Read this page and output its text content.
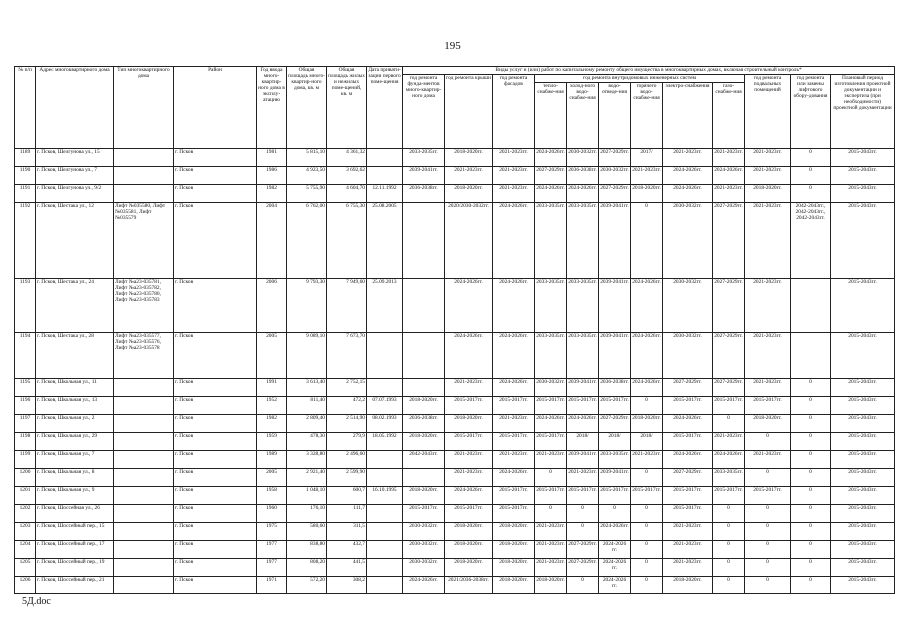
195
№ п/п	Адрес многоквартирного дома	Тип многоквартирного дома	Район	Год ввода много-квартир-ного дома в эксплу-атацию	Общая площадь много-квартир-ного дома, кв. м	Общая площадь жилых и нежилых поме-щений, кв. м	Дата привати-зации первого поме-щения	Виды услуг и (или) работ по капитальному ремонту общего имущества в многоквартирных домах, включая строительный контроль*											
								год ремонта фунда-ментов много-квартир-ного дома	год ремонта крыши	год ремонта фасадов	год ремонта внутридомовых инженерных систем						год ремонта подвальных помещений	год ремонта или замены лифтового обору-дования	Плановый период изготовления проектной документации и экспертиза (при необходимости) проектной документации
											тепло-снабже-ния	холод-ного водо-снабже-ния	водо-отведе-ния	горячего водо-снабже-ния	электро-снабжения	газо-снабже-ния			
1189	г. Псков, Шелгунова ул., 15		г. Псков	1981	5 815,10	4 361,32		2033-2035гг.	2018-2020гг.	2021-2023гг.	2024-2026гг.	2030-2032гг.	2027-2029гг.	2017/	2021-2023гг.	2021-2023гг.	2021-2023гг.	0	2015-2043гг.
1190	г. Псков, Шелгунова ул., 7		г. Псков	1986	4 923,50	3 692,62		2039-2041гг.	2021-2023гг.	2021-2023гг.	2027-2029гг.	2036-2038гг.	2030-2032гг.	2021-2023гг.	2024-2026гг.	2024-2026гг.	2021-2023гг.	0	2015-2043гг.
1191	г. Псков, Шелгунова ул., 9/2		г. Псков	1982	5 755,90	4 604,70	12.11.1992	2036-2038гг.	2018-2020гг.	2021-2023гг.	2024-2026гг.	2024-2026гг.	2027-2029гг.	2018-2020гг.	2024-2026гг.	2021-2023гг.	2018-2020гг.	0	2015-2043гг.
1192	г. Псков, Шестака ул., 12	Лифт №035580, Лифт №035581, Лифт №035579	г. Псков	2004	6 762,00	6 755,30	25.08.2005		2020/2030-2032гг.	2024-2026гг.	2033-2035гг.	2033-2035гг.	2039-2041гг.	0	2030-2032гг.	2027-2029гг.	2021-2023гг.	2042-2043гг., 2042-2043гг., 2042-2043гг.	2015-2043гг.
1193	г. Псков, Шестака ул., 24	Лифт №а23-035781, Лифт №а23-035782, Лифт №а23-035780, Лифт №а23-035783	г. Псков	2006	9 793,30	7 949,60	25.09.2013		2024-2026гг.	2024-2026гг.	2033-2035гг.	2033-2035гг.	2039-2041гг.	2024-2026гг.	2030-2032гг.	2027-2029гг.	2021-2023гг.		2015-2043гг.
1194	г. Псков, Шестака ул., 28	Лифт №а23-035577, Лифт №а23-035576, Лифт №а23-035578	г. Псков	2005	9 089,10	7 673,70			2024-2026гг.	2024-2026гг.	2033-2035гг.	2033-2035гг.	2039-2041гг.	2024-2026гг.	2030-2032гг.	2027-2029гг.	2021-2023гг.		2015-2043гг.
1195	г. Псков, Школьная ул., 11		г. Псков	1991	3 613,40	2 752,15			2021-2023гг.	2024-2026гг.	2030-2032гг.	2039-2041гг.	2036-2038гг.	2024-2026гг.	2027-2029гг.	2027-2029гг.	2021-2023гг.	0	2015-2043гг.
1196	г. Псков, Школьная ул., 13		г. Псков	1952	811,40	472,2	07.07.1993	2018-2020гг.	2015-2017гг.	2015-2017гг.	2015-2017гг.	2015-2017гг.	2015-2017гг.	0	2015-2017гг.	2015-2017гг.	2015-2017гг.	0	2015-2043гг.
1197	г. Псков, Школьная ул., 2		г. Псков	1982	2 809,40	2 514,90	08.02.1993	2036-2038гг.	2018-2020гг.	2021-2023гг.	2024-2026гг.	2024-2026гг.	2027-2029гг.	2018-2020гг.	2024-2026гг.	0	2018-2020гг.	0	2015-2043гг.
1198	г. Псков, Школьная ул., 29		г. Псков	1959	478,30	279,9	18.05.1992	2018-2020гг.	2015-2017гг.	2015-2017гг.	2015-2017гг.	2018/	2018/	2018/	2015-2017гг.	2021-2023гг.	0	0	2015-2043гг.
1199	г. Псков, Школьная ул., 7		г. Псков	1989	3 328,80	2 496,60		2042-2043гг.	2021-2023гг.	2021-2023гг.	2021-2023гг.	2039-2041гг.	2033-2035гг.	2021-2023гг.	2024-2026гг.	2024-2026гг.	2021-2023гг.	0	2015-2043гг.
1200	г. Псков, Школьная ул., 8		г. Псков	2005	2 921,40	2 599,90			2021-2023гг.	2024-2026гг.	0	2021-2023гг.	2039-2041гг.	0	2027-2029гг.	2033-2035гг.	0	0	2015-2043гг.
1201	г. Псков, Школьная ул., 9		г. Псков	1958	1 048,10	600,7	16.10.1995	2018-2020гг.	2024-2026гг.	2015-2017гг.	2015-2017гг.	2015-2017гг.	2015-2017гг.	2015-2017гг.	2015-2017гг.	2015-2017гг.	2015-2017гг.	0	2015-2043гг.
1202	г. Псков, Шоссейная ул., 26		г. Псков	1960	176,10	111,7		2015-2017гг.	2015-2017гг.	2015-2017гг.	0	0	0	0	2015-2017гг.	0	0	0	2015-2043гг.
1203	г. Псков, Шоссейный пер., 15		г. Псков	1975	580,60	311,5		2030-2032гг.	2018-2020гг.	2018-2020гг.	2021-2023гг.	0	2024-2026гг.	0	2021-2023гг.	0	0	0	2015-2043гг.
1204	г. Псков, Шоссейный пер., 17		г. Псков	1977	838,80	432,7		2030-2032гг.	2018-2020гг.	2018-2020гг.	2021-2023гг.	2027-2029гг.	2024-2026 гг.	0	2021-2023гг.	0	0	0	2015-2043гг.
1205	г. Псков, Шоссейный пер., 19		г. Псков	1977	808,20	441,5		2030-2032гг.	2018-2020гг.	2018-2020гг.	2021-2023гг.	2027-2029гг.	2024-2026 гг.	0	2021-2023гг.	0	0	0	2015-2043гг.
1206	г. Псков, Шоссейный пер., 21		г. Псков	1971	572,20	308,2		2024-2026гг.	2021/2036-2038гг.	2018-2020гг.	2018-2020гг.	0	2024-2026 гг.	0	2018-2020гг.	0	0	0	2015-2043гг.
5Д.doc
